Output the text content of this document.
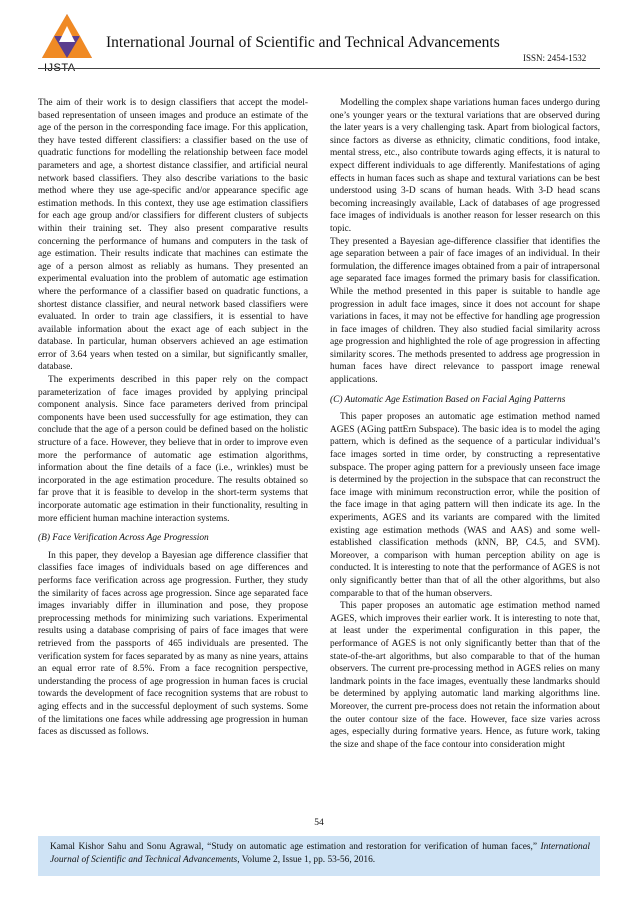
IJSTA
International Journal of Scientific and Technical Advancements
ISSN: 2454-1532

The aim of their work is to design classifiers that accept the model-based representation of unseen images and produce an estimate of the age of the person in the corresponding face image. For this application, they have tested different classifiers: a classifier based on the use of quadratic functions for modelling the relationship between face model parameters and age, a shortest distance classifier, and artificial neural network based classifiers. They also describe variations to the basic method where they use age-specific and/or appearance specific age estimation methods. In this context, they use age estimation classifiers for each age group and/or classifiers for different clusters of subjects within their training set. They also present comparative results concerning the performance of humans and computers in the task of age estimation. Their results indicate that machines can estimate the age of a person almost as reliably as humans. They presented an experimental evaluation into the problem of automatic age estimation where the performance of a classifier based on quadratic functions, a shortest distance classifier, and neural network based classifiers were evaluated. In order to train age classifiers, it is essential to have available information about the exact age of each subject in the database. In particular, human observers achieved an age estimation error of 3.64 years when tested on a similar, but significantly smaller, database.

The experiments described in this paper rely on the compact parameterization of face images provided by applying principal component analysis. Since face parameters derived from principal components have been used successfully for age estimation, they can conclude that the age of a person could be defined based on the holistic structure of a face. However, they believe that in order to improve even more the performance of automatic age estimation algorithms, information about the fine details of a face (i.e., wrinkles) must be incorporated in the age estimation procedure. The results obtained so far prove that it is feasible to develop in the short-term systems that incorporate automatic age estimation in their functionality, resulting in more efficient human machine interaction systems.

(B) Face Verification Across Age Progression

In this paper, they develop a Bayesian age difference classifier that classifies face images of individuals based on age differences and performs face verification across age progression. Further, they study the similarity of faces across age progression. Since age separated face images invariably differ in illumination and pose, they propose preprocessing methods for minimizing such variations. Experimental results using a database comprising of pairs of face images that were retrieved from the passports of 465 individuals are presented. The verification system for faces separated by as many as nine years, attains an equal error rate of 8.5%. From a face recognition perspective, understanding the process of age progression in human faces is crucial towards the development of face recognition systems that are robust to aging effects and in the successful deployment of such systems. Some of the limitations one faces while addressing age progression in human faces as discussed as follows.

Modelling the complex shape variations human faces undergo during one’s younger years or the textural variations that are observed during the later years is a very challenging task. Apart from biological factors, since factors as diverse as ethnicity, climatic conditions, food intake, mental stress, etc., also contribute towards aging effects, it is natural to expect different individuals to age differently. Manifestations of aging effects in human faces such as shape and textural variations can be best understood using 3-D scans of human heads. With 3-D head scans becoming increasingly available, Lack of databases of age progressed face images of individuals is another reason for lesser research on this topic.

They presented a Bayesian age-difference classifier that identifies the age separation between a pair of face images of an individual. In their formulation, the difference images obtained from a pair of intrapersonal age separated face images formed the primary basis for classification. While the method presented in this paper is suitable to handle age progression in adult face images, since it does not account for shape variations in faces, it may not be effective for handling age progression in face images of children. They also studied facial similarity across age progression and highlighted the role of age progression in affecting similarity scores. The methods presented to address age progression in human faces have direct relevance to passport image renewal applications.

(C) Automatic Age Estimation Based on Facial Aging Patterns

This paper proposes an automatic age estimation method named AGES (AGing pattErn Subspace). The basic idea is to model the aging pattern, which is defined as the sequence of a particular individual’s face images sorted in time order, by constructing a representative subspace. The proper aging pattern for a previously unseen face image is determined by the projection in the subspace that can reconstruct the face image with minimum reconstruction error, while the position of the face image in that aging pattern will then indicate its age. In the experiments, AGES and its variants are compared with the limited existing age estimation methods (WAS and AAS) and some well-established classification methods (kNN, BP, C4.5, and SVM). Moreover, a comparison with human perception ability on age is conducted. It is interesting to note that the performance of AGES is not only significantly better than that of all the other algorithms, but also comparable to that of the human observers.

This paper proposes an automatic age estimation method named AGES, which improves their earlier work. It is interesting to note that, at least under the experimental configuration in this paper, the performance of AGES is not only significantly better than that of the state-of-the-art algorithms, but also comparable to that of the human observers. The current pre-processing method in AGES relies on many landmark points in the face images, eventually these landmarks should be determined by applying automatic land marking algorithms line. Moreover, the current pre-process does not retain the information about the outer contour size of the face. However, face size varies across ages, especially during formative years. Hence, as future work, taking the size and shape of the face contour into consideration might

54
Kamal Kishor Sahu and Sonu Agrawal, “Study on automatic age estimation and restoration for verification of human faces,” International Journal of Scientific and Technical Advancements, Volume 2, Issue 1, pp. 53-56, 2016.
